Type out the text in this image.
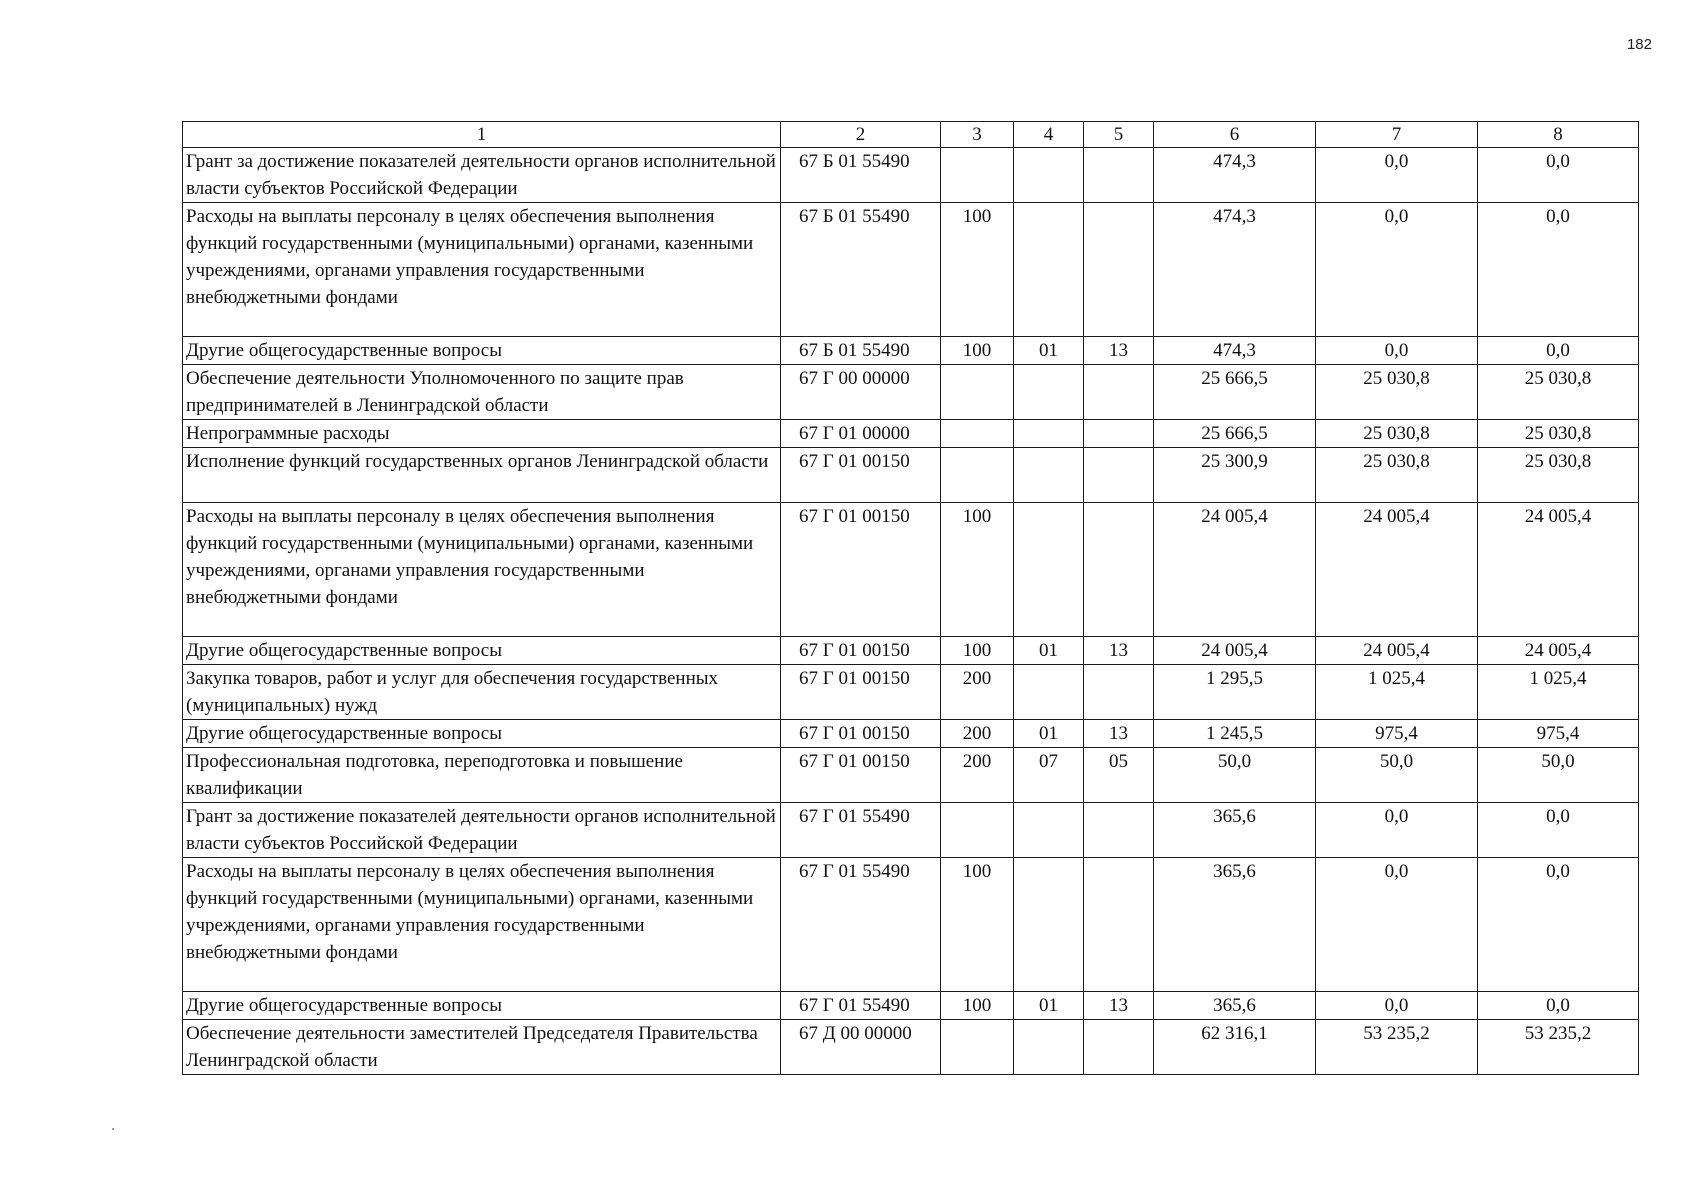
182
1	2	3	4	5	6	7	8
Грант за достижение показателей деятельности органов исполнительной власти субъектов Российской Федерации	67 Б 01 55490				474,3	0,0	0,0
Расходы на выплаты персоналу в целях обеспечения выполнения функций государственными (муниципальными) органами, казенными учреждениями, органами управления государственными внебюджетными фондами	67 Б 01 55490	100			474,3	0,0	0,0
Другие общегосударственные вопросы	67 Б 01 55490	100	01	13	474,3	0,0	0,0
Обеспечение деятельности Уполномоченного по защите прав предпринимателей в Ленинградской области	67 Г 00 00000				25 666,5	25 030,8	25 030,8
Непрограммные расходы	67 Г 01 00000				25 666,5	25 030,8	25 030,8
Исполнение функций государственных органов Ленинградской области	67 Г 01 00150				25 300,9	25 030,8	25 030,8
Расходы на выплаты персоналу в целях обеспечения выполнения функций государственными (муниципальными) органами, казенными учреждениями, органами управления государственными внебюджетными фондами	67 Г 01 00150	100			24 005,4	24 005,4	24 005,4
Другие общегосударственные вопросы	67 Г 01 00150	100	01	13	24 005,4	24 005,4	24 005,4
Закупка товаров, работ и услуг для обеспечения государственных (муниципальных) нужд	67 Г 01 00150	200			1 295,5	1 025,4	1 025,4
Другие общегосударственные вопросы	67 Г 01 00150	200	01	13	1 245,5	975,4	975,4
Профессиональная подготовка, переподготовка и повышение квалификации	67 Г 01 00150	200	07	05	50,0	50,0	50,0
Грант за достижение показателей деятельности органов исполнительной власти субъектов Российской Федерации	67 Г 01 55490				365,6	0,0	0,0
Расходы на выплаты персоналу в целях обеспечения выполнения функций государственными (муниципальными) органами, казенными учреждениями, органами управления государственными внебюджетными фондами	67 Г 01 55490	100			365,6	0,0	0,0
Другие общегосударственные вопросы	67 Г 01 55490	100	01	13	365,6	0,0	0,0
Обеспечение деятельности заместителей Председателя Правительства Ленинградской области	67 Д 00 00000				62 316,1	53 235,2	53 235,2
